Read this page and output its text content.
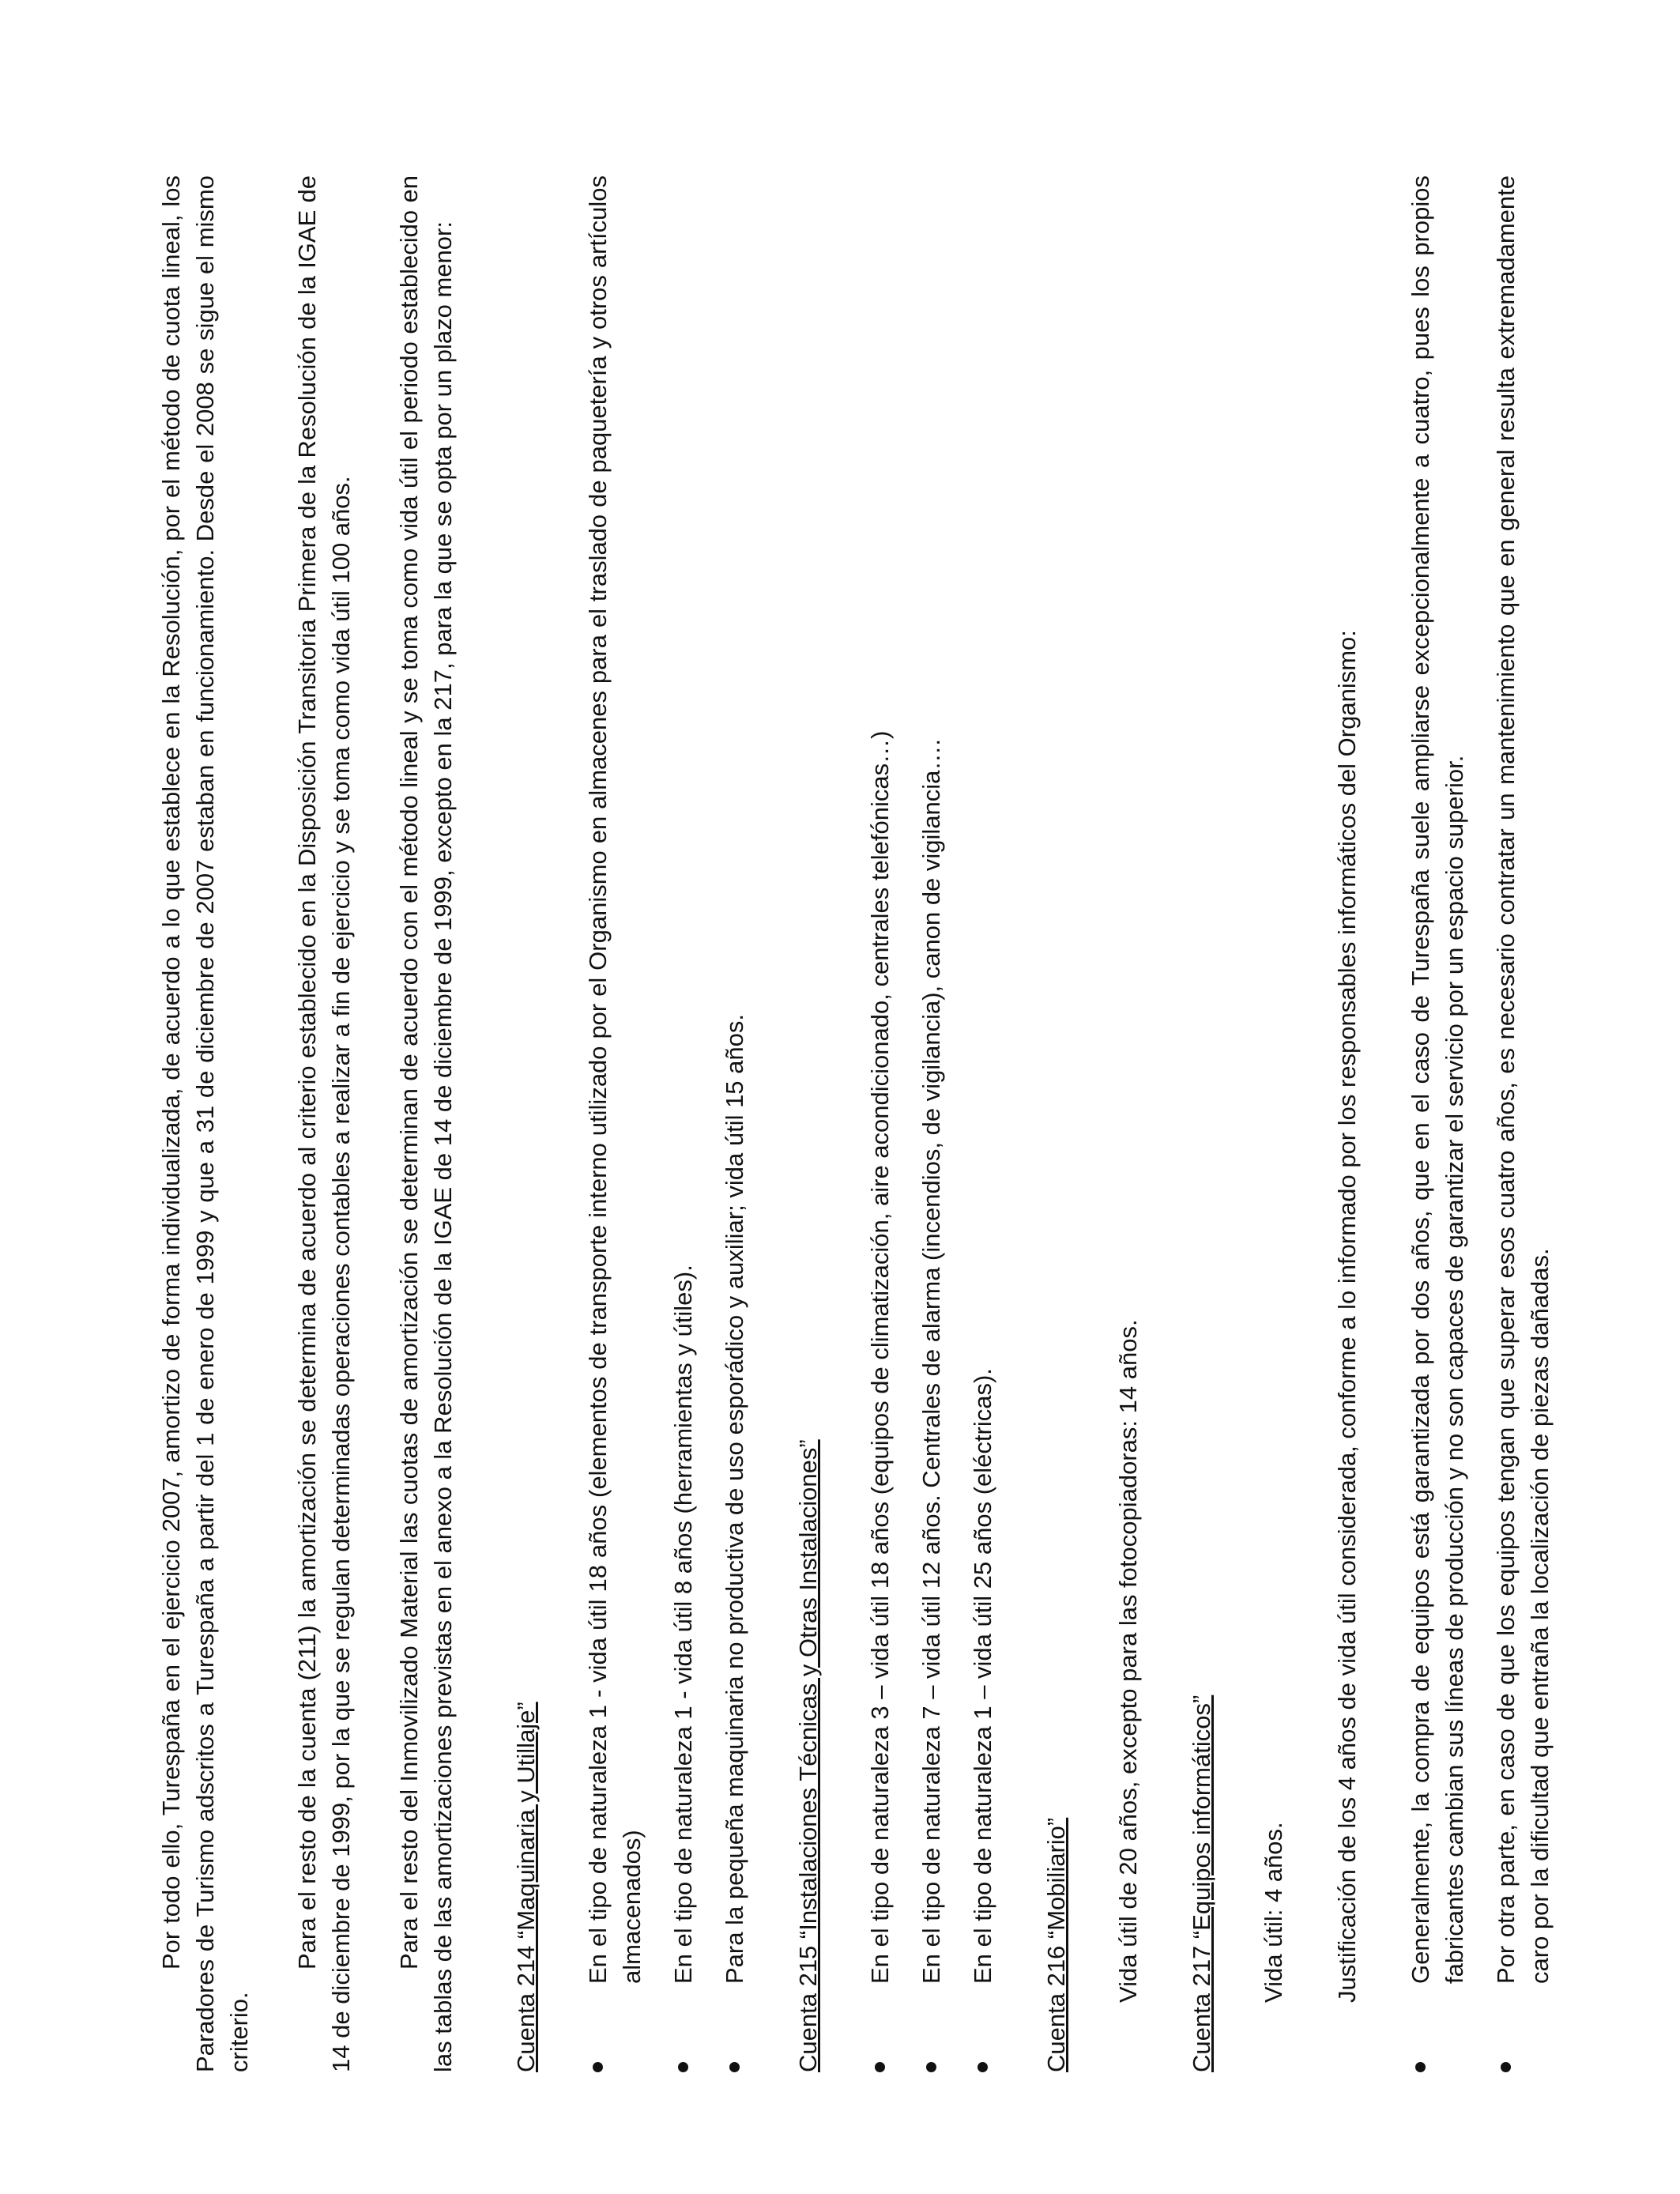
Por todo ello, Turespaña en el ejercicio 2007, amortizo de forma individualizada, de acuerdo a lo que establece en la Resolución, por el método de cuota lineal, los Paradores de Turismo adscritos a Turespaña a partir del 1 de enero de 1999 y que a 31 de diciembre de 2007 estaban en funcionamiento. Desde el 2008 se sigue el mismo criterio.

Para el resto de la cuenta (211) la amortización se determina de acuerdo al criterio establecido en la Disposición Transitoria Primera de la Resolución de la IGAE de 14 de diciembre de 1999, por la que se regulan determinadas operaciones contables a realizar a fin de ejercicio y se toma como vida útil 100 años. Para el resto del Inmovilizado Material las cuotas de amortización se determinan de acuerdo con el método lineal y se toma como vida útil el periodo establecido en las tablas de las amortizaciones previstas en el anexo a la Resolución de la IGAE de 14 de diciembre de 1999, excepto en la 217, para la que se opta por un plazo menor: Cuenta 214 “Maquinaria y Utillaje” En el tipo de naturaleza 1 - vida útil 18 años (elementos de transporte interno utilizado por el Organismo en almacenes para el traslado de paquetería y otros artículos almacenados) En el tipo de naturaleza 1 - vida útil 8 años (herramientas y útiles). Para la pequeña maquinaria no productiva de uso esporádico y auxiliar; vida útil 15 años. Cuenta 215 “Instalaciones Técnicas y Otras Instalaciones” En el tipo de naturaleza 3 – vida útil 18 años (equipos de climatización, aire acondicionado, centrales telefónicas…) En el tipo de naturaleza 7 – vida útil 12 años. Centrales de alarma (incendios, de vigilancia), canon de vigilancia…. En el tipo de naturaleza 1 – vida útil 25 años (eléctricas). Cuenta 216 “Mobiliario” Vida útil de 20 años, excepto para las fotocopiadoras: 14 años. Cuenta 217 “Equipos informáticos” Vida útil: 4 años. Justificación de los 4 años de vida útil considerada, conforme a lo informado por los responsables informáticos del Organismo: Generalmente, la compra de equipos está garantizada por dos años, que en el caso de Turespaña suele ampliarse excepcionalmente a cuatro, pues los propios fabricantes cambian sus líneas de producción y no son capaces de garantizar el servicio por un espacio superior. Por otra parte, en caso de que los equipos tengan que superar esos cuatro años, es necesario contratar un mantenimiento que en general resulta extremadamente caro por la dificultad que entraña la localización de piezas dañadas.
